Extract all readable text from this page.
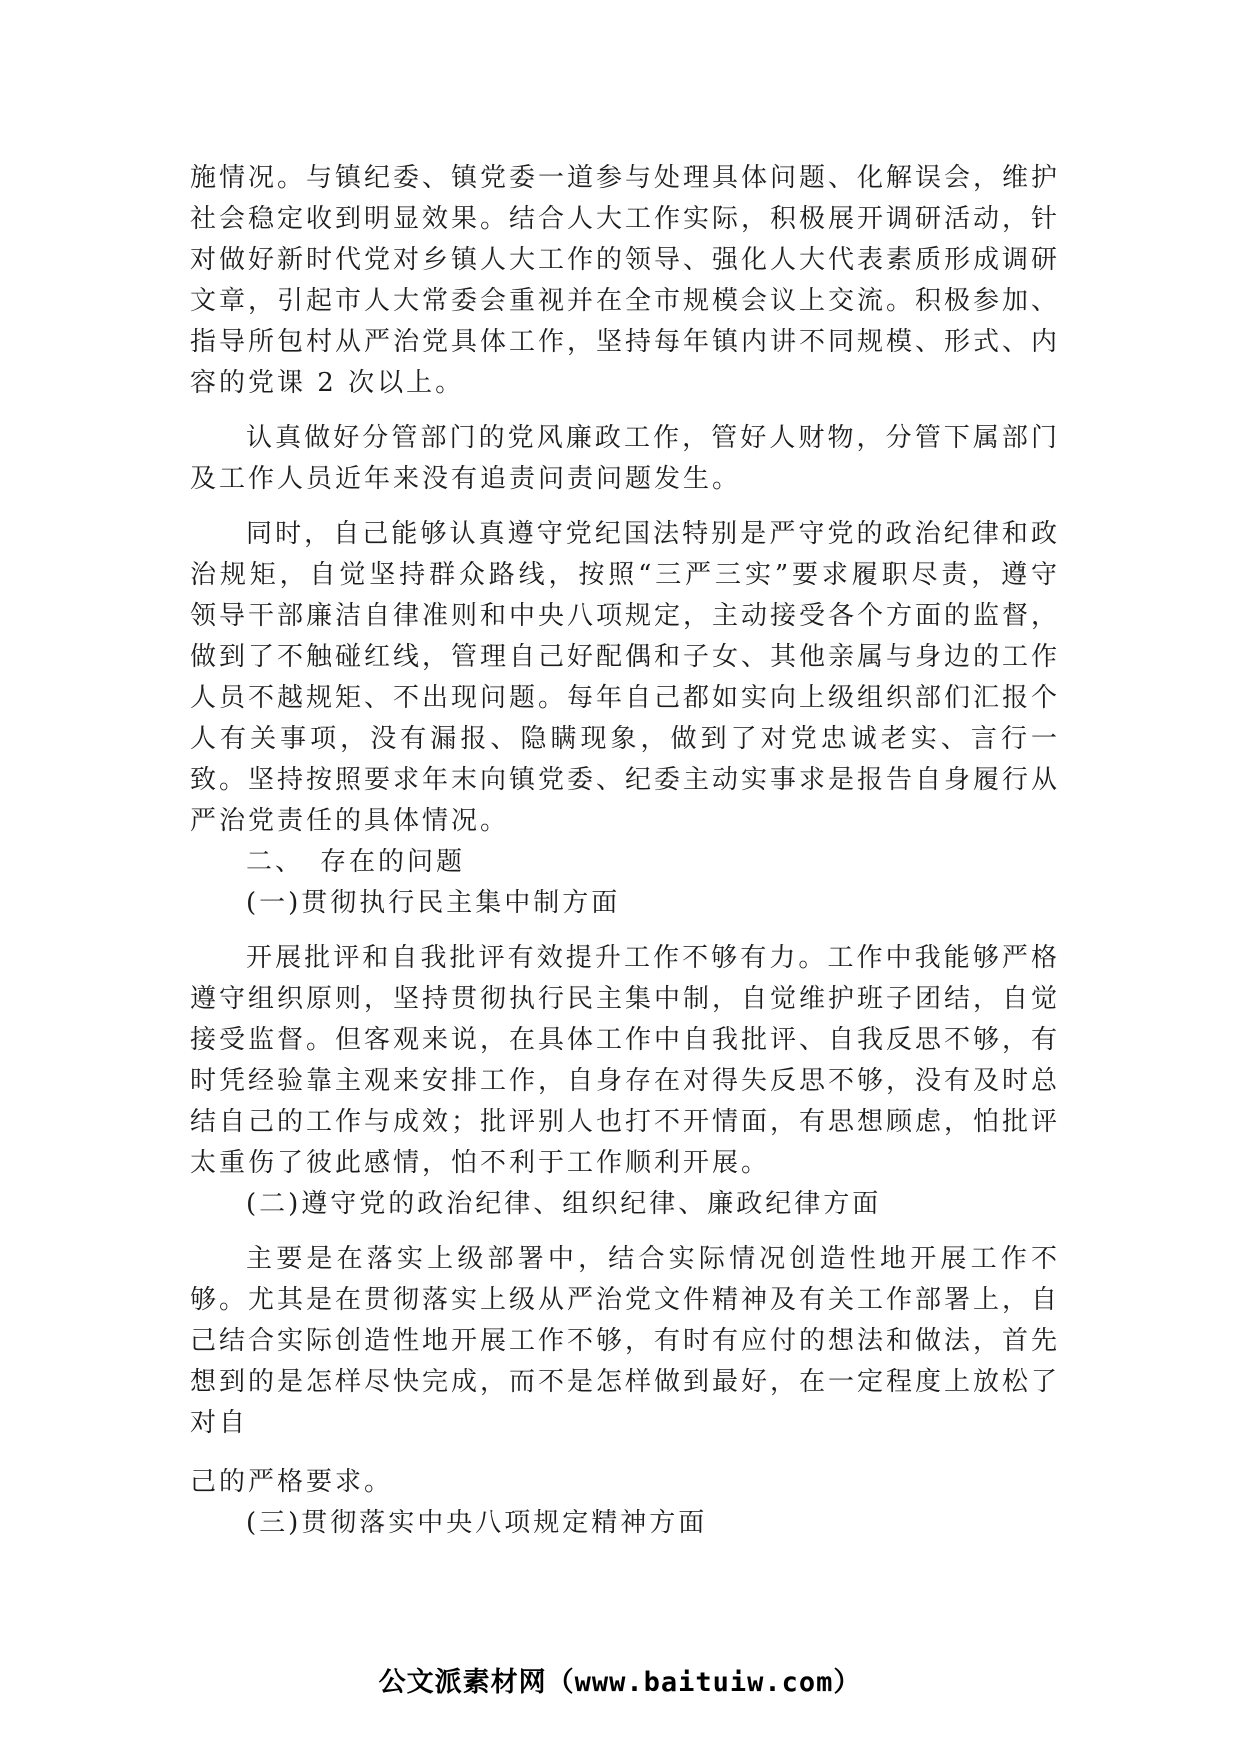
施情况。与镇纪委、镇党委一道参与处理具体问题、化解误会，维护社会稳定收到明显效果。结合人大工作实际，积极展开调研活动，针对做好新时代党对乡镇人大工作的领导、强化人大代表素质形成调研文章，引起市人大常委会重视并在全市规模会议上交流。积极参加、指导所包村从严治党具体工作，坚持每年镇内讲不同规模、形式、内容的党课 2 次以上。

认真做好分管部门的党风廉政工作，管好人财物，分管下属部门及工作人员近年来没有追责问责问题发生。

同时，自己能够认真遵守党纪国法特别是严守党的政治纪律和政治规矩，自觉坚持群众路线，按照“三严三实”要求履职尽责，遵守领导干部廉洁自律准则和中央八项规定，主动接受各个方面的监督，做到了不触碰红线，管理自己好配偶和子女、其他亲属与身边的工作人员不越规矩、不出现问题。每年自己都如实向上级组织部们汇报个人有关事项，没有漏报、隐瞒现象，做到了对党忠诚老实、言行一致。坚持按照要求年末向镇党委、纪委主动实事求是报告自身履行从严治党责任的具体情况。

二、 存在的问题

(一)贯彻执行民主集中制方面

开展批评和自我批评有效提升工作不够有力。工作中我能够严格遵守组织原则，坚持贯彻执行民主集中制，自觉维护班子团结，自觉接受监督。但客观来说，在具体工作中自我批评、自我反思不够，有时凭经验靠主观来安排工作，自身存在对得失反思不够，没有及时总结自己的工作与成效；批评别人也打不开情面，有思想顾虑，怕批评太重伤了彼此感情，怕不利于工作顺利开展。

(二)遵守党的政治纪律、组织纪律、廉政纪律方面

主要是在落实上级部署中，结合实际情况创造性地开展工作不够。尤其是在贯彻落实上级从严治党文件精神及有关工作部署上，自己结合实际创造性地开展工作不够，有时有应付的想法和做法，首先想到的是怎样尽快完成，而不是怎样做到最好，在一定程度上放松了对自

己的严格要求。

(三)贯彻落实中央八项规定精神方面

公文派素材网（www.baituiw.com）
